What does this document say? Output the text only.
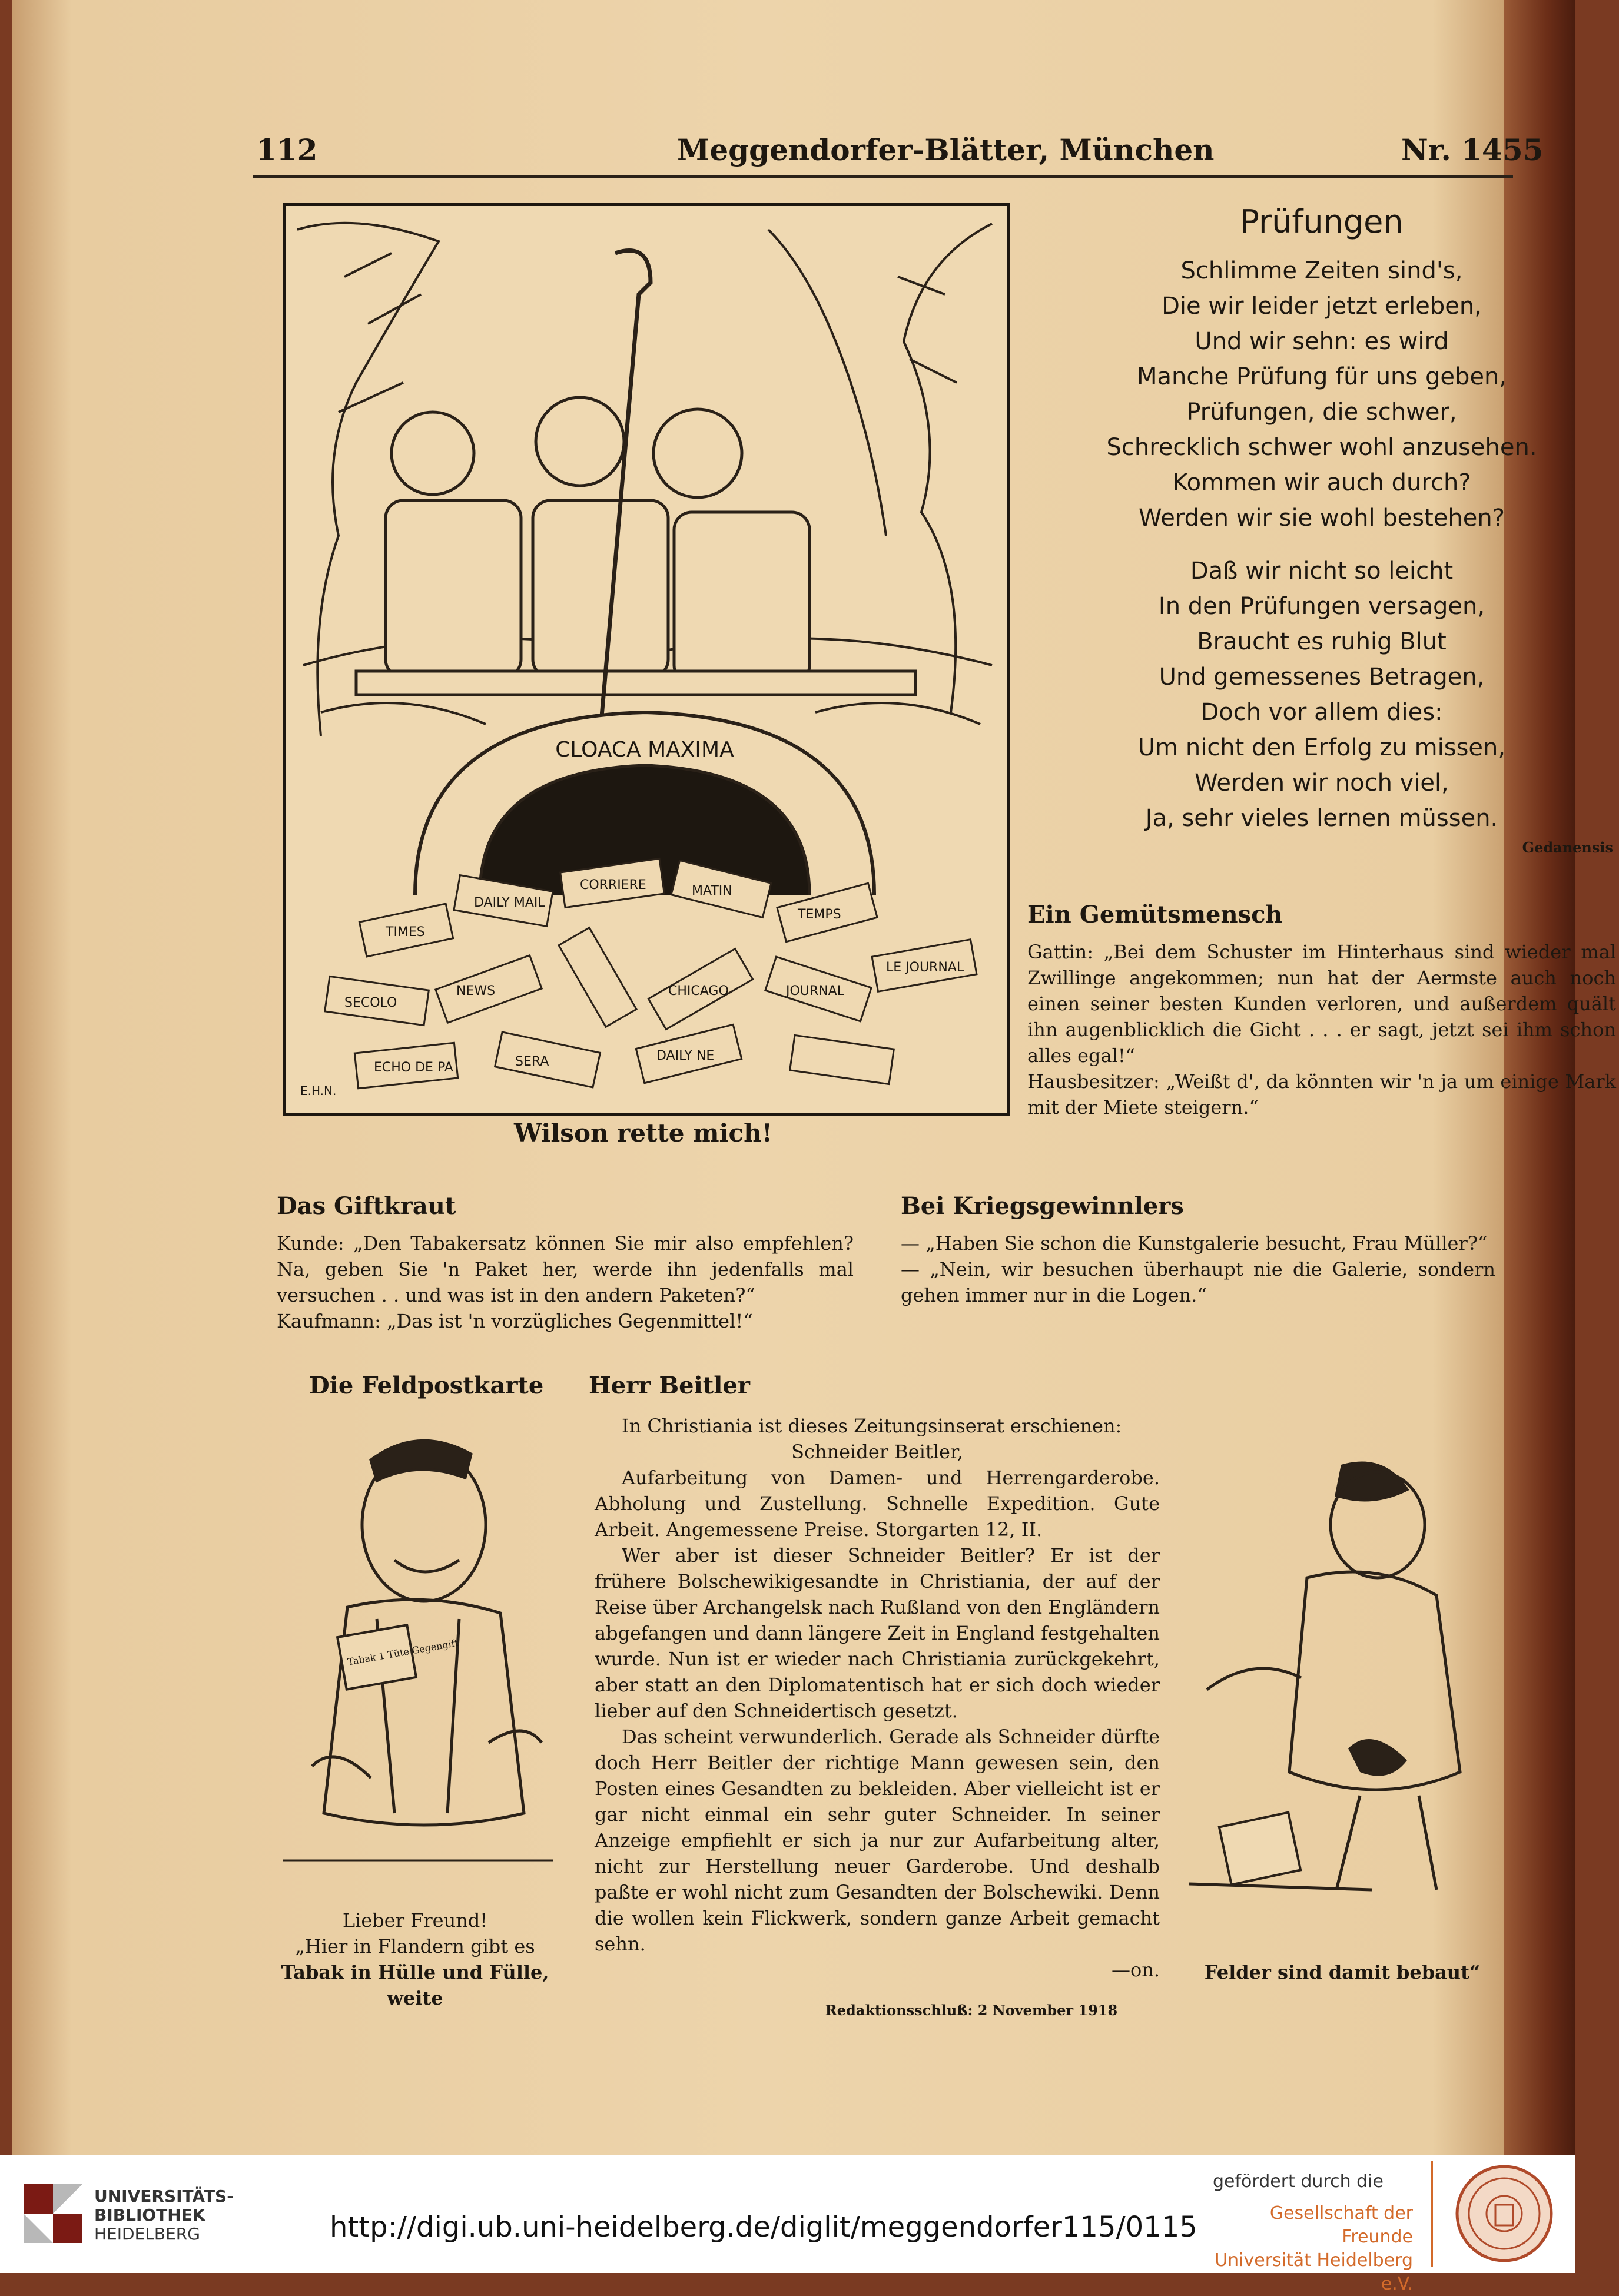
112	Meggendorfer-Blätter, München	Nr. 1455
CLOACA MAXIMA
TIMES
DAILY MAIL
CORRIERE	MATIN
TEMPS
SECOLO
NEWS	CHICAGO	JOURNAL
LE JOURNAL
ECHO DE PA	SERA	DAILY NE
E.H.N.
Wilson rette mich!
Prüfungen
Schlimme Zeiten sind's,
Die wir leider jetzt erleben,
Und wir sehn: es wird
Manche Prüfung für uns geben,
Prüfungen, die schwer,
Schrecklich schwer wohl anzusehen.
Kommen wir auch durch?
Werden wir sie wohl bestehen?
Daß wir nicht so leicht
In den Prüfungen versagen,
Braucht es ruhig Blut
Und gemessenes Betragen,
Doch vor allem dies:
Um nicht den Erfolg zu missen,
Werden wir noch viel,
Ja, sehr vieles lernen müssen.
Gedanensis
Ein Gemütsmensch

Gattin: „Bei dem Schuster im Hinterhaus sind wieder mal Zwillinge angekommen; nun hat der Aermste auch noch einen seiner besten Kunden verloren, und außerdem quält ihn augenblicklich die Gicht . . . er sagt, jetzt sei ihm schon alles egal!“

Hausbesitzer: „Weißt d', da könnten wir 'n ja um einige Mark mit der Miete steigern.“

Das Giftkraut

Kunde: „Den Tabakersatz können Sie mir also empfehlen? Na, geben Sie 'n Paket her, werde ihn jedenfalls mal versuchen . . und was ist in den andern Paketen?“

Kaufmann: „Das ist 'n vorzügliches Gegenmittel!“

Bei Kriegsgewinnlers

— „Haben Sie schon die Kunstgalerie besucht, Frau Müller?“

— „Nein, wir besuchen überhaupt nie die Galerie, sondern gehen immer nur in die Logen.“

Die Feldpostkarte
Tabak 1 Tüte Gegengift
Lieber Freund!
„Hier in Flandern gibt es
Tabak in Hülle und Fülle, weite
Felder sind damit bebaut“
Herr Beitler

In Christiania ist dieses Zeitungsinserat erschienen:

Schneider Beitler,

Aufarbeitung von Damen- und Herrengarderobe. Abholung und Zustellung. Schnelle Expedition. Gute Arbeit. Angemessene Preise. Storgarten 12, II.

Wer aber ist dieser Schneider Beitler? Er ist der frühere Bolschewikigesandte in Christiania, der auf der Reise über Archangelsk nach Rußland von den Engländern abgefangen und dann längere Zeit in England festgehalten wurde. Nun ist er wieder nach Christiania zurückgekehrt, aber statt an den Diplomatentisch hat er sich doch wieder lieber auf den Schneidertisch gesetzt.

Das scheint verwunderlich. Gerade als Schneider dürfte doch Herr Beitler der richtige Mann gewesen sein, den Posten eines Gesandten zu bekleiden. Aber vielleicht ist er gar nicht einmal ein sehr guter Schneider. In seiner Anzeige empfiehlt er sich ja nur zur Aufarbeitung alter, nicht zur Herstellung neuer Garderobe. Und deshalb paßte er wohl nicht zum Gesandten der Bolschewiki. Denn die wollen kein Flickwerk, sondern ganze Arbeit gemacht sehn.

—on.

Redaktionsschluß: 2 November 1918
UNIVERSITÄTS-
BIBLIOTHEK
HEIDELBERG	http://digi.ub.uni-heidelberg.de/diglit/meggendorfer115/0115
gefördert durch die
Gesellschaft der Freunde
Universität Heidelberg e.V.
